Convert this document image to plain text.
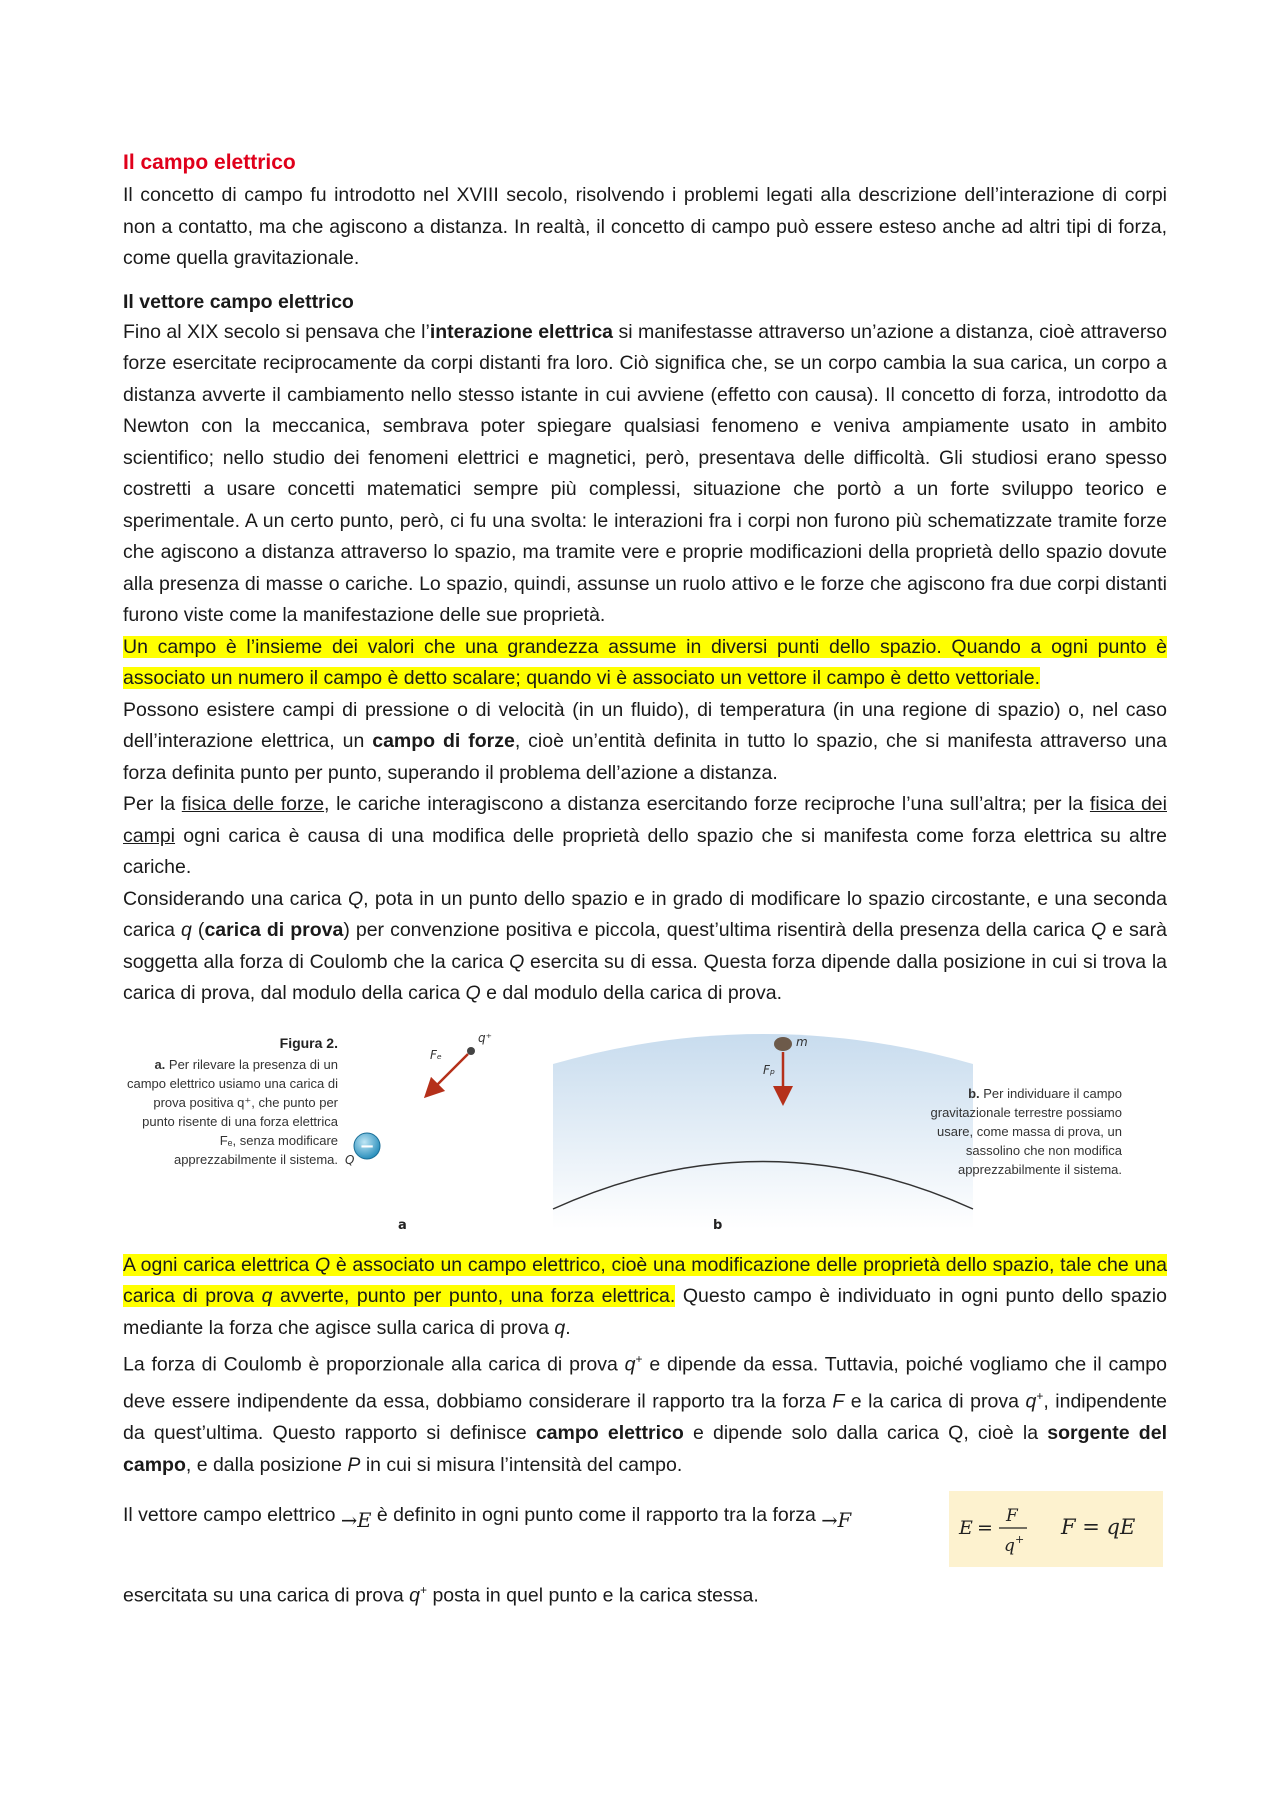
Il campo elettrico

Il concetto di campo fu introdotto nel XVIII secolo, risolvendo i problemi legati alla descrizione dell’interazione di corpi non a contatto, ma che agiscono a distanza. In realtà, il concetto di campo può essere esteso anche ad altri tipi di forza, come quella gravitazionale.

Il vettore campo elettrico

Fino al XIX secolo si pensava che l’interazione elettrica si manifestasse attraverso un’azione a distanza, cioè attraverso forze esercitate reciprocamente da corpi distanti fra loro. Ciò significa che, se un corpo cambia la sua carica, un corpo a distanza avverte il cambiamento nello stesso istante in cui avviene (effetto con causa). Il concetto di forza, introdotto da Newton con la meccanica, sembrava poter spiegare qualsiasi fenomeno e veniva ampiamente usato in ambito scientifico; nello studio dei fenomeni elettrici e magnetici, però, presentava delle difficoltà. Gli studiosi erano spesso costretti a usare concetti matematici sempre più complessi, situazione che portò a un forte sviluppo teorico e sperimentale. A un certo punto, però, ci fu una svolta: le interazioni fra i corpi non furono più schematizzate tramite forze che agiscono a distanza attraverso lo spazio, ma tramite vere e proprie modificazioni della proprietà dello spazio dovute alla presenza di masse o cariche. Lo spazio, quindi, assunse un ruolo attivo e le forze che agiscono fra due corpi distanti furono viste come la manifestazione delle sue proprietà.

Un campo è l’insieme dei valori che una grandezza assume in diversi punti dello spazio. Quando a ogni punto è associato un numero il campo è detto scalare; quando vi è associato un vettore il campo è detto vettoriale.

Possono esistere campi di pressione o di velocità (in un fluido), di temperatura (in una regione di spazio) o, nel caso dell’interazione elettrica, un campo di forze, cioè un’entità definita in tutto lo spazio, che si manifesta attraverso una forza definita punto per punto, superando il problema dell’azione a distanza.

Per la fisica delle forze, le cariche interagiscono a distanza esercitando forze reciproche l’una sull’altra; per la fisica dei campi ogni carica è causa di una modifica delle proprietà dello spazio che si manifesta come forza elettrica su altre cariche.

Considerando una carica Q, pota in un punto dello spazio e in grado di modificare lo spazio circostante, e una seconda carica q (carica di prova) per convenzione positiva e piccola, quest’ultima risentirà della presenza della carica Q e sarà soggetta alla forza di Coulomb che la carica Q esercita su di essa. Questa forza dipende dalla posizione in cui si trova la carica di prova, dal modulo della carica Q e dal modulo della carica di prova.

Figura 2.
a. Per rilevare la presenza di un campo elettrico usiamo una carica di prova positiva q⁺, che punto per punto risente di una forza elettrica Fₑ, senza modificare apprezzabilmente il sistema.
−
Q
q⁺
Fₑ
a
m
Fₚ
b
b. Per individuare il campo gravitazionale terrestre possiamo usare, come massa di prova, un sassolino che non modifica apprezzabilmente il sistema.

A ogni carica elettrica Q è associato un campo elettrico, cioè una modificazione delle proprietà dello spazio, tale che una carica di prova q avverte, punto per punto, una forza elettrica. Questo campo è individuato in ogni punto dello spazio mediante la forza che agisce sulla carica di prova q.

La forza di Coulomb è proporzionale alla carica di prova q+ e dipende da essa. Tuttavia, poiché vogliamo che il campo deve essere indipendente da essa, dobbiamo considerare il rapporto tra la forza F e la carica di prova q+, indipendente da quest’ultima. Questo rapporto si definisce campo elettrico e dipende solo dalla carica Q, cioè la sorgente del campo, e dalla posizione P in cui si misura l’intensità del campo.

Il vettore campo elettrico →E è definito in ogni punto come il rapporto tra la forza →F	E =
F
q +
F = qE

esercitata su una carica di prova q+ posta in quel punto e la carica stessa.
